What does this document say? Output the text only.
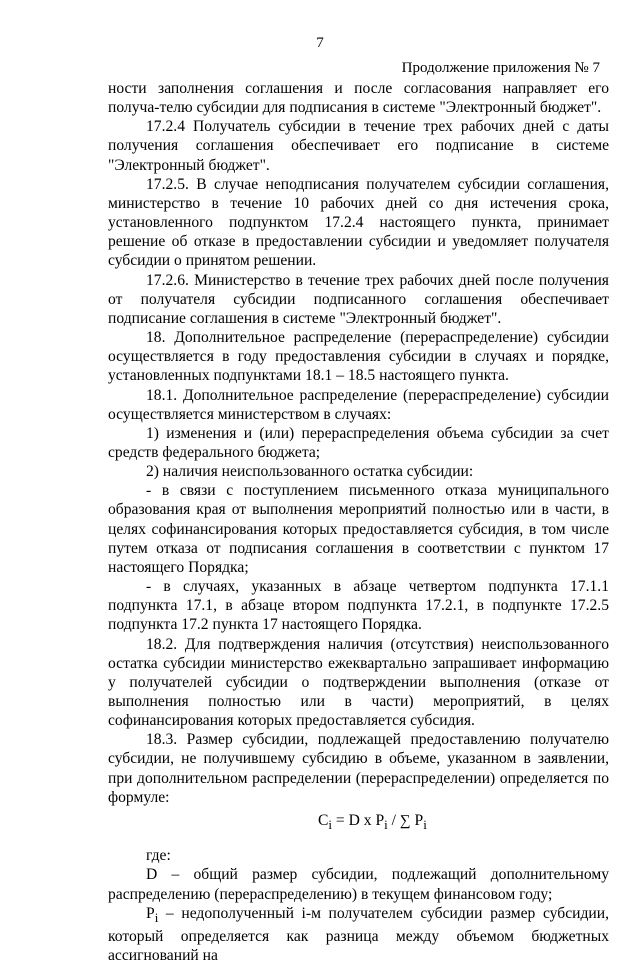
7
Продолжение приложения № 7

ности заполнения соглашения и после согласования направляет его получа-телю субсидии для подписания в системе "Электронный бюджет".

17.2.4 Получатель субсидии в течение трех рабочих дней с даты получения соглашения обеспечивает его подписание в системе "Электронный бюджет".

17.2.5. В случае неподписания получателем субсидии соглашения, министерство в течение 10 рабочих дней со дня истечения срока, установленного подпунктом 17.2.4 настоящего пункта, принимает решение об отказе в предоставлении субсидии и уведомляет получателя субсидии о принятом решении.

17.2.6. Министерство в течение трех рабочих дней после получения от получателя субсидии подписанного соглашения обеспечивает подписание соглашения в системе "Электронный бюджет".

18. Дополнительное распределение (перераспределение) субсидии осуществляется в году предоставления субсидии в случаях и порядке, установленных подпунктами 18.1 – 18.5 настоящего пункта.

18.1. Дополнительное распределение (перераспределение) субсидии осуществляется министерством в случаях:

1) изменения и (или) перераспределения объема субсидии за счет средств федерального бюджета;

2) наличия неиспользованного остатка субсидии:

- в связи с поступлением письменного отказа муниципального образования края от выполнения мероприятий полностью или в части, в целях софинансирования которых предоставляется субсидия, в том числе путем отказа от подписания соглашения в соответствии с пунктом 17 настоящего Порядка;

- в случаях, указанных в абзаце четвертом подпункта 17.1.1 подпункта 17.1, в абзаце втором подпункта 17.2.1, в подпункте 17.2.5 подпункта 17.2 пункта 17 настоящего Порядка.

18.2. Для подтверждения наличия (отсутствия) неиспользованного остатка субсидии министерство ежеквартально запрашивает информацию у получателей субсидии о подтверждении выполнения (отказе от выполнения полностью или в части) мероприятий, в целях софинансирования которых предоставляется субсидия.

18.3. Размер субсидии, подлежащей предоставлению получателю субсидии, не получившему субсидию в объеме, указанном в заявлении, при дополнительном распределении (перераспределении) определяется по формуле:

$C_i = D$ x $P_i$ / ∑ $P_i$

где:

D – общий размер субсидии, подлежащий дополнительному распределению (перераспределению) в текущем финансовом году;

$P_i$ – недополученный i-м получателем субсидии размер субсидии, который определяется как разница между объемом бюджетных ассигнований на
